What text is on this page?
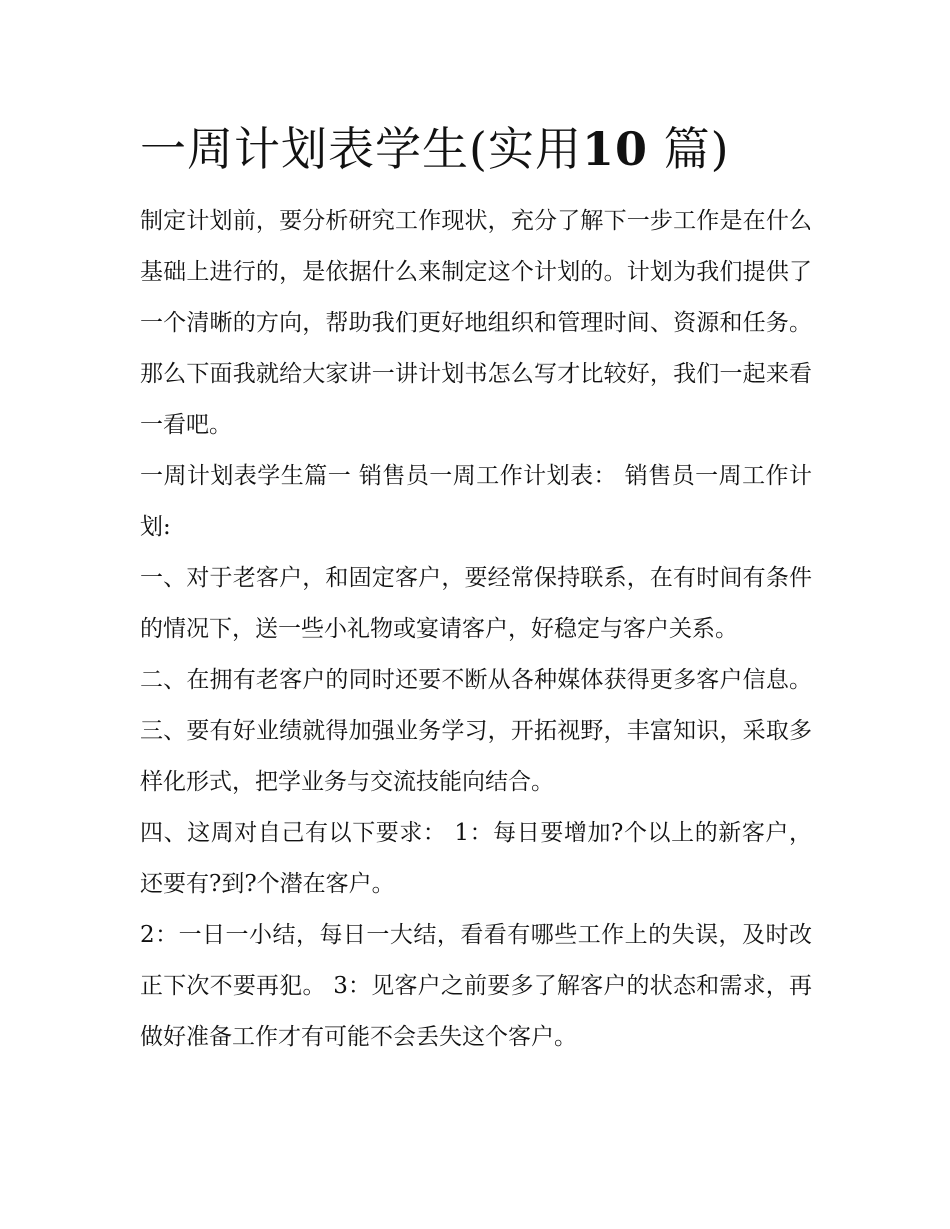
一周计划表学生(实用10 篇)

制定计划前，要分析研究工作现状，充分了解下一步工作是在什么基础上进行的，是依据什么来制定这个计划的。计划为我们提供了一个清晰的方向，帮助我们更好地组织和管理时间、资源和任务。那么下面我就给大家讲一讲计划书怎么写才比较好，我们一起来看一看吧。

一周计划表学生篇一 销售员一周工作计划表： 销售员一周工作计划:

一、对于老客户，和固定客户，要经常保持联系，在有时间有条件的情况下，送一些小礼物或宴请客户，好稳定与客户关系。

二、在拥有老客户的同时还要不断从各种媒体获得更多客户信息。 三、要有好业绩就得加强业务学习，开拓视野，丰富知识，采取多样化形式，把学业务与交流技能向结合。

四、这周对自己有以下要求： 1：每日要增加?个以上的新客户，还要有?到?个潜在客户。

2：一日一小结，每日一大结，看看有哪些工作上的失误，及时改正下次不要再犯。 3：见客户之前要多了解客户的状态和需求，再做好准备工作才有可能不会丢失这个客户。
